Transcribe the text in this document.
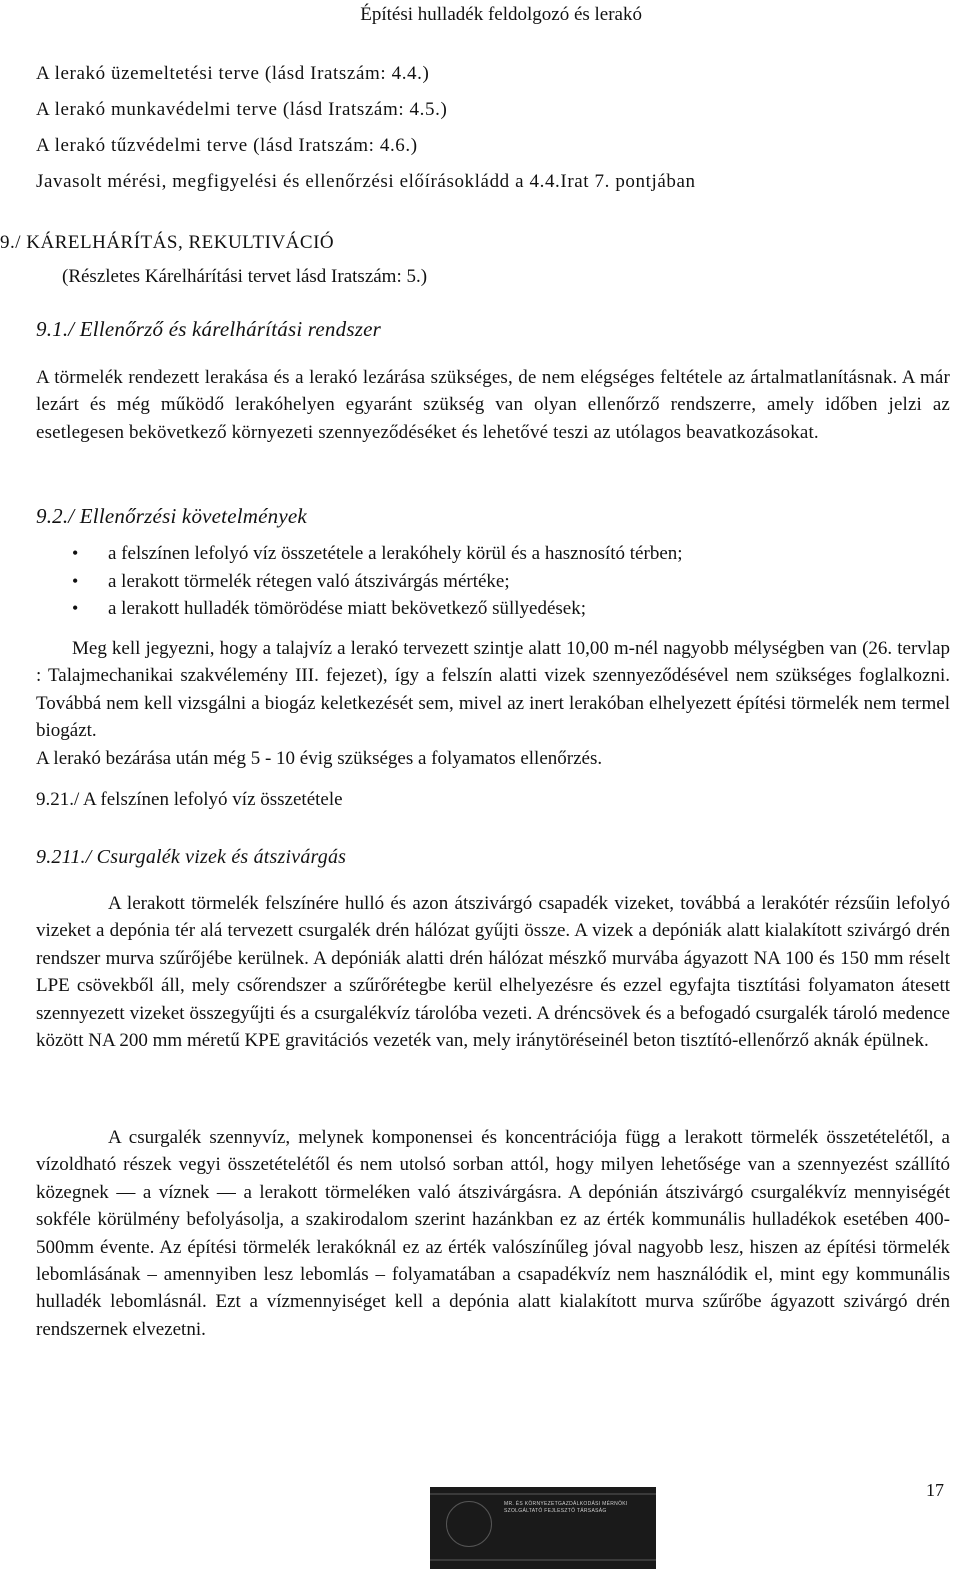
Építési hulladék feldolgozó és lerakó
A lerakó üzemeltetési terve (lásd Iratszám: 4.4.)
A lerakó munkavédelmi terve (lásd Iratszám: 4.5.)
A lerakó tűzvédelmi terve (lásd Iratszám: 4.6.)
Javasolt mérési, megfigyelési és ellenőrzési előírásokládd a 4.4.Irat 7. pontjában
9./ KÁRELHÁRÍTÁS, REKULTIVÁCIÓ
(Részletes Kárelhárítási tervet lásd Iratszám: 5.)
9.1./ Ellenőrző és kárelhárítási rendszer

A törmelék rendezett lerakása és a lerakó lezárása szükséges, de nem elégséges feltétele az ártalmatlanításnak. A már lezárt és még működő lerakóhelyen egyaránt szükség van olyan ellenőrző rendszerre, amely időben jelzi az esetlegesen bekövetkező környezeti szennyeződéséket és lehetővé teszi az utólagos beavatkozásokat.

9.2./ Ellenőrzési követelmények
• a felszínen lefolyó víz összetétele a lerakóhely körül és a hasznosító térben;
• a lerakott törmelék rétegen való átszivárgás mértéke;
• a lerakott hulladék tömörödése miatt bekövetkező süllyedések;

Meg kell jegyezni, hogy a talajvíz a lerakó tervezett szintje alatt 10,00 m-nél nagyobb mélységben van (26. tervlap : Talajmechanikai szakvélemény III. fejezet), így a felszín alatti vizek szennyeződésével nem szükséges foglalkozni. Továbbá nem kell vizsgálni a biogáz keletkezését sem, mivel az inert lerakóban elhelyezett építési törmelék nem termel biogázt.

A lerakó bezárása után még 5 - 10 évig szükséges a folyamatos ellenőrzés.
9.21./ A felszínen lefolyó víz összetétele
9.211./ Csurgalék vizek és átszivárgás

A lerakott törmelék felszínére hulló és azon átszivárgó csapadék vizeket, továbbá a lerakótér rézsűin lefolyó vizeket a depónia tér alá tervezett csurgalék drén hálózat gyűjti össze. A vizek a depóniák alatt kialakított szivárgó drén rendszer murva szűrőjébe kerülnek. A depóniák alatti drén hálózat mészkő murvába ágyazott NA 100 és 150 mm réselt LPE csövekből áll, mely csőrendszer a szűrőrétegbe kerül elhelyezésre és ezzel egyfajta tisztítási folyamaton átesett szennyezett vizeket összegyűjti és a csurgalékvíz tárolóba vezeti. A dréncsövek és a befogadó csurgalék tároló medence között NA 200 mm méretű KPE gravitációs vezeték van, mely iránytöréseinél beton tisztító-ellenőrző aknák épülnek.

A csurgalék szennyvíz, melynek komponensei és koncentrációja függ a lerakott törmelék összetételétől, a vízoldható részek vegyi összetételétől és nem utolsó sorban attól, hogy milyen lehetősége van a szennyezést szállító közegnek — a víznek — a lerakott törmeléken való átszivárgásra. A depónián átszivárgó csurgalékvíz mennyiségét sokféle körülmény befolyásolja, a szakirodalom szerint hazánkban ez az érték kommunális hulladékok esetében 400-500mm évente. Az építési törmelék lerakóknál ez az érték valószínűleg jóval nagyobb lesz, hiszen az építési törmelék lebomlásának – amennyiben lesz lebomlás – folyamatában a csapadékvíz nem használódik el, mint egy kommunális hulladék lebomlásnál. Ezt a vízmennyiséget kell a depónia alatt kialakított murva szűrőbe ágyazott szivárgó drén rendszernek elvezetni.

17
MR. ÉS KÖRNYEZETGAZDÁLKODÁSI MÉRNÖKI SZOLGÁLTATÓ FEJLESZTŐ TÁRSASÁG
